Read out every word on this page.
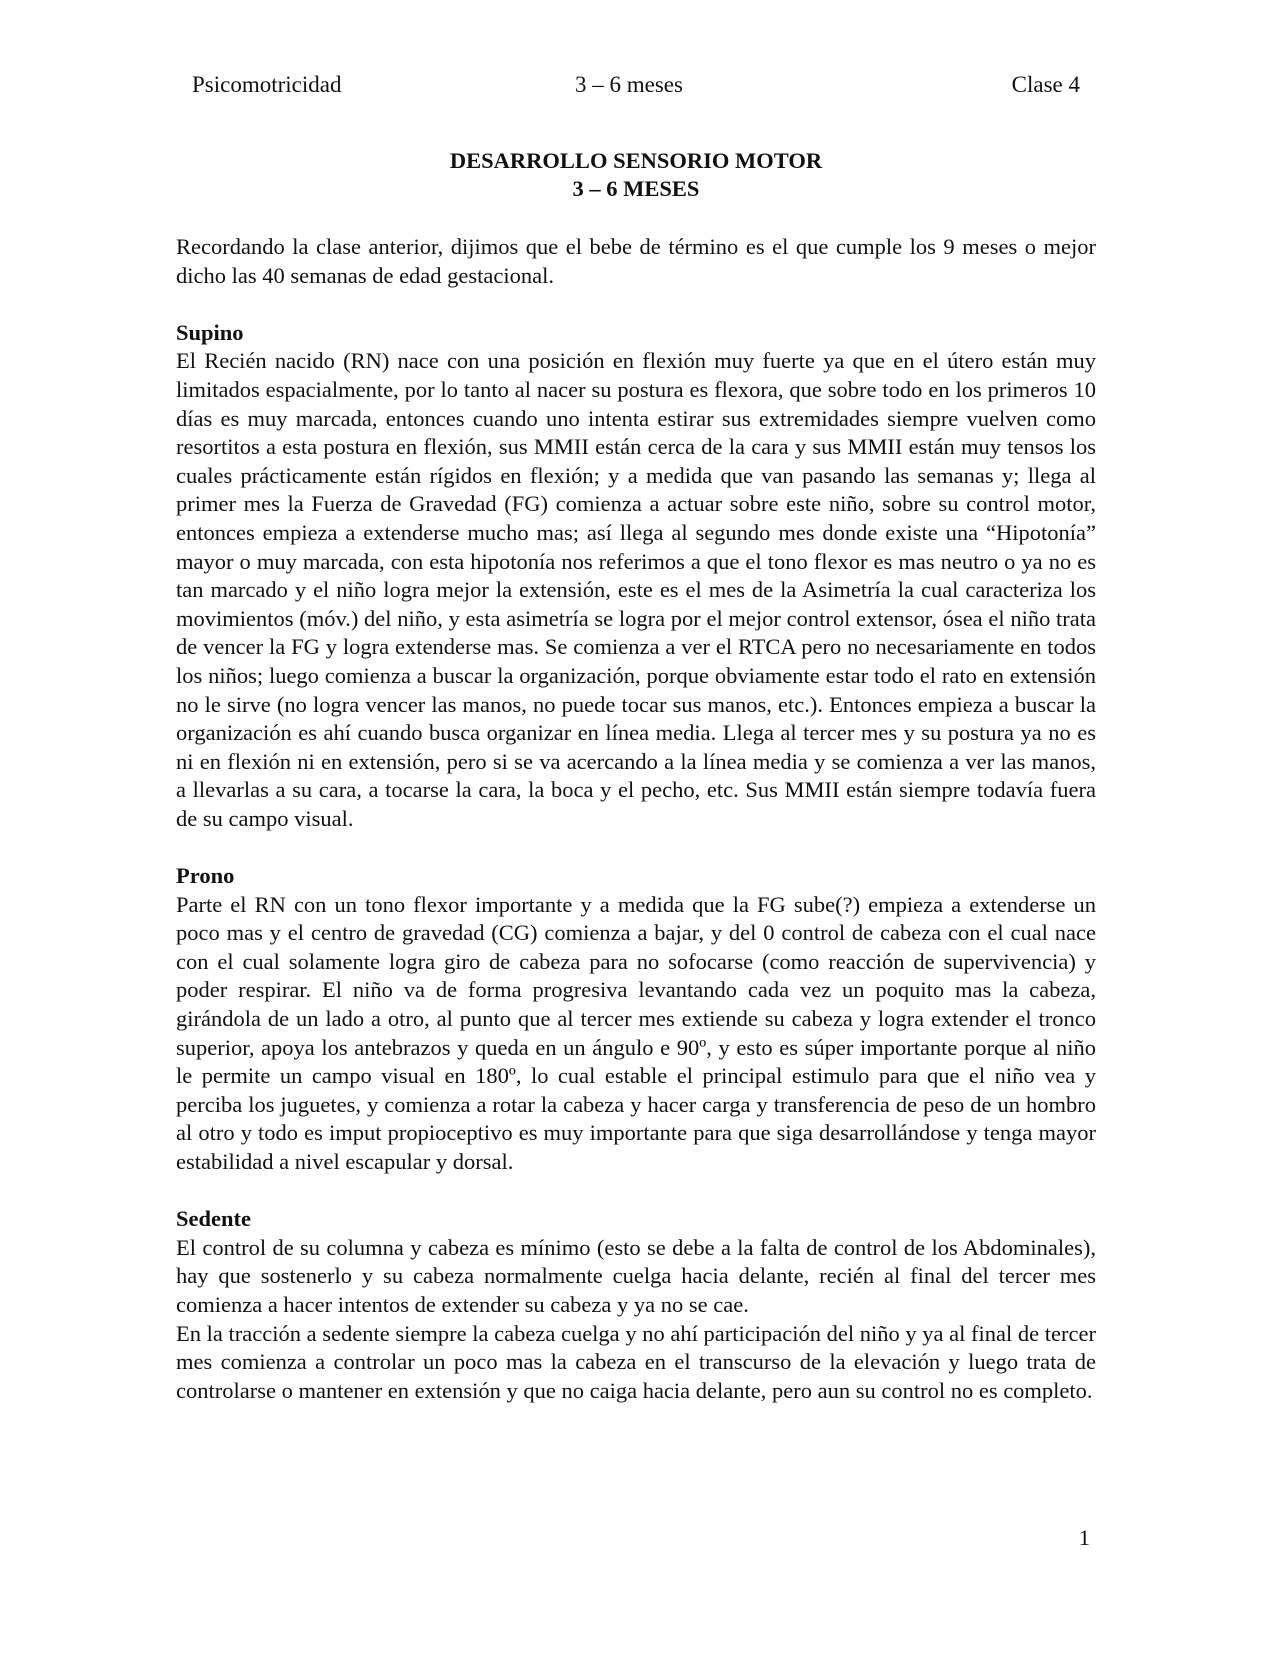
Psicomotricidad	3 – 6 meses	Clase 4
DESARROLLO SENSORIO MOTOR
3 – 6 MESES

Recordando la clase anterior, dijimos que el bebe de término es el que cumple los 9 meses o mejor dicho las 40 semanas de edad gestacional.

Supino

El Recién nacido (RN) nace con una posición en flexión muy fuerte ya que en el útero están muy limitados espacialmente, por lo tanto al nacer su postura es flexora, que sobre todo en los primeros 10 días es muy marcada, entonces cuando uno intenta estirar sus extremidades siempre vuelven como resortitos a esta postura en flexión, sus MMII están cerca de la cara y sus MMII están muy tensos los cuales prácticamente están rígidos en flexión; y a medida que van pasando las semanas y; llega al primer mes la Fuerza de Gravedad (FG) comienza a actuar sobre este niño, sobre su control motor, entonces empieza a extenderse mucho mas; así llega al segundo mes donde existe una “Hipotonía” mayor o muy marcada, con esta hipotonía nos referimos a que el tono flexor es mas neutro o ya no es tan marcado y el niño logra mejor la extensión, este es el mes de la Asimetría la cual caracteriza los movimientos (móv.) del niño, y esta asimetría se logra por el mejor control extensor, ósea el niño trata de vencer la FG y logra extenderse mas. Se comienza a ver el RTCA pero no necesariamente en todos los niños; luego comienza a buscar la organización, porque obviamente estar todo el rato en extensión no le sirve (no logra vencer las manos, no puede tocar sus manos, etc.). Entonces empieza a buscar la organización es ahí cuando busca organizar en línea media. Llega al tercer mes y su postura ya no es ni en flexión ni en extensión, pero si se va acercando a la línea media y se comienza a ver las manos, a llevarlas a su cara, a tocarse la cara, la boca y el pecho, etc. Sus MMII están siempre todavía fuera de su campo visual.

Prono

Parte el RN con un tono flexor importante y a medida que la FG sube(?) empieza a extenderse un poco mas y el centro de gravedad (CG) comienza a bajar, y del 0 control de cabeza con el cual nace con el cual solamente logra giro de cabeza para no sofocarse (como reacción de supervivencia) y poder respirar. El niño va de forma progresiva levantando cada vez un poquito mas la cabeza, girándola de un lado a otro, al punto que al tercer mes extiende su cabeza y logra extender el tronco superior, apoya los antebrazos y queda en un ángulo e 90º, y esto es súper importante porque al niño le permite un campo visual en 180º, lo cual estable el principal estimulo para que el niño vea y perciba los juguetes, y comienza a rotar la cabeza y hacer carga y transferencia de peso de un hombro al otro y todo es imput propioceptivo es muy importante para que siga desarrollándose y tenga mayor estabilidad a nivel escapular y dorsal.

Sedente

El control de su columna y cabeza es mínimo (esto se debe a la falta de control de los Abdominales), hay que sostenerlo y su cabeza normalmente cuelga hacia delante, recién al final del tercer mes comienza a hacer intentos de extender su cabeza y ya no se cae.

En la tracción a sedente siempre la cabeza cuelga y no ahí participación del niño y ya al final de tercer mes comienza a controlar un poco mas la cabeza en el transcurso de la elevación y luego trata de controlarse o mantener en extensión y que no caiga hacia delante, pero aun su control no es completo.

1
